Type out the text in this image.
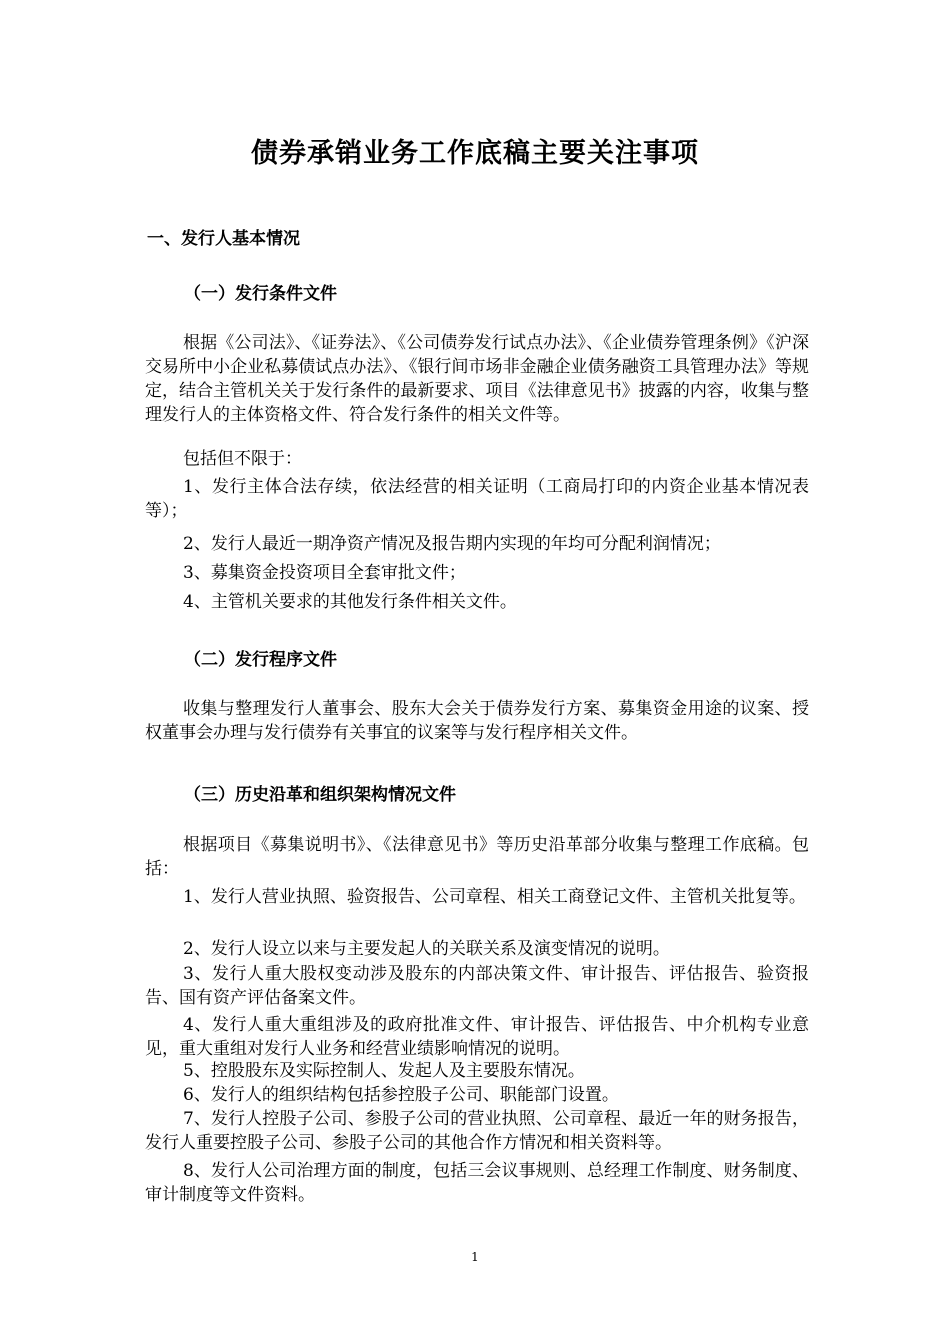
债券承销业务工作底稿主要关注事项
一、发行人基本情况
（一）发行条件文件

根据《公司法》、《证券法》、《公司债券发行试点办法》、《企业债券管理条例》《沪深交易所中小企业私募债试点办法》、《银行间市场非金融企业债务融资工具管理办法》等规定，结合主管机关关于发行条件的最新要求、项目《法律意见书》披露的内容，收集与整理发行人的主体资格文件、符合发行条件的相关文件等。

包括但不限于：

1、发行主体合法存续，依法经营的相关证明（工商局打印的内资企业基本情况表等）；

2、发行人最近一期净资产情况及报告期内实现的年均可分配利润情况；

3、募集资金投资项目全套审批文件；

4、主管机关要求的其他发行条件相关文件。

（二）发行程序文件

收集与整理发行人董事会、股东大会关于债券发行方案、募集资金用途的议案、授权董事会办理与发行债券有关事宜的议案等与发行程序相关文件。

（三）历史沿革和组织架构情况文件

根据项目《募集说明书》、《法律意见书》等历史沿革部分收集与整理工作底稿。包括：

1、发行人营业执照、验资报告、公司章程、相关工商登记文件、主管机关批复等。

2、发行人设立以来与主要发起人的关联关系及演变情况的说明。

3、发行人重大股权变动涉及股东的内部决策文件、审计报告、评估报告、验资报告、国有资产评估备案文件。

4、发行人重大重组涉及的政府批准文件、审计报告、评估报告、中介机构专业意见，重大重组对发行人业务和经营业绩影响情况的说明。

5、控股股东及实际控制人、发起人及主要股东情况。

6、发行人的组织结构包括参控股子公司、职能部门设置。

7、发行人控股子公司、参股子公司的营业执照、公司章程、最近一年的财务报告，发行人重要控股子公司、参股子公司的其他合作方情况和相关资料等。

8、发行人公司治理方面的制度，包括三会议事规则、总经理工作制度、财务制度、审计制度等文件资料。

1
